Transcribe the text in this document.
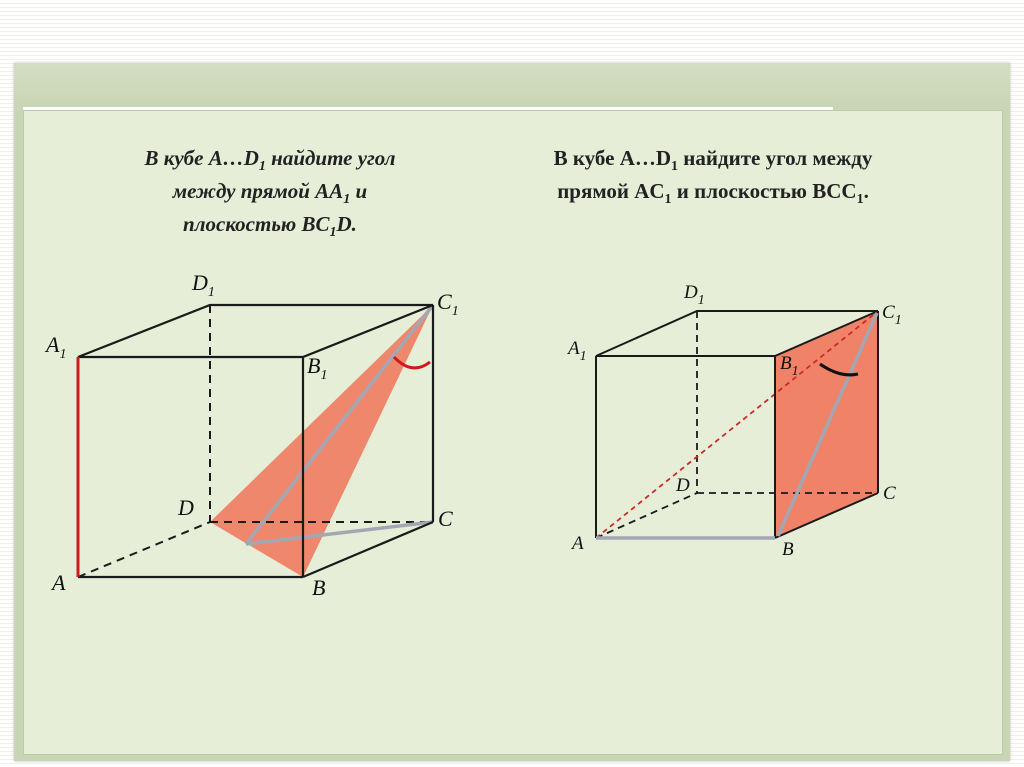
В кубе $A\dots D_1$ найдите угол
между прямой $AA_1$ и
плоскостью $BC_1D$.
В кубе $A\dots D_1$ найдите угол между
прямой $AC_1$ и плоскостью $BCC_1$.
$A_1$
$D_1$	$C_1$
$B_1$
D	C
A	B
$A_1$
$D_1$
$C_1$
$B_1$
D	C
A	B
